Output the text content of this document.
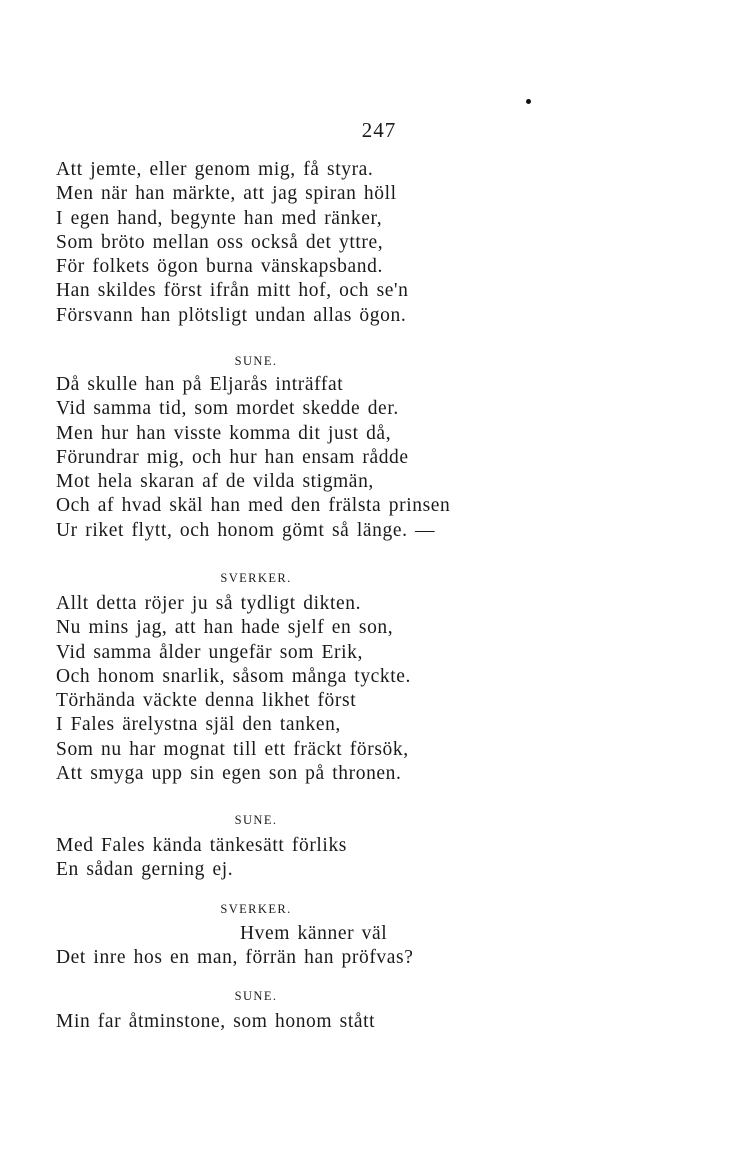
247
Att jemte, eller genom mig, få styra.
Men när han märkte, att jag spiran höll
I egen hand, begynte han med ränker,
Som bröto mellan oss också det yttre,
För folkets ögon burna vänskapsband.
Han skildes först ifrån mitt hof, och se'n
Försvann han plötsligt undan allas ögon.
SUNE.
Då skulle han på Eljarås inträffat
Vid samma tid, som mordet skedde der.
Men hur han visste komma dit just då,
Förundrar mig, och hur han ensam rådde
Mot hela skaran af de vilda stigmän,
Och af hvad skäl han med den frälsta prinsen
Ur riket flytt, och honom gömt så länge. —
SVERKER.
Allt detta röjer ju så tydligt dikten.
Nu mins jag, att han hade sjelf en son,
Vid samma ålder ungefär som Erik,
Och honom snarlik, såsom många tyckte.
Törhända väckte denna likhet först
I Fales ärelystna själ den tanken,
Som nu har mognat till ett fräckt försök,
Att smyga upp sin egen son på thronen.
SUNE.
Med Fales kända tänkesätt förliks
En sådan gerning ej.
SVERKER.
Hvem känner väl
Det inre hos en man, förrän han pröfvas?
SUNE.
Min far åtminstone, som honom stått
